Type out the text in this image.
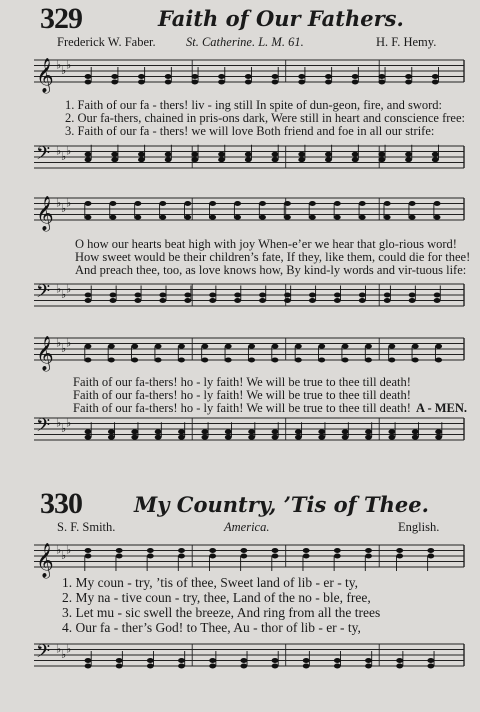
329	Faith of Our Fathers.
Frederick W. Faber. St. Catherine. L. M. 61.	H. F. Hemy.
𝄞 ♭ ♭ ♭
1. Faith of our fa - thers! liv - ing still In spite of dun-geon, fire, and sword:
2. Our fa-thers, chained in pris-ons dark, Were still in heart and conscience free:
3. Faith of our fa - thers! we will love Both friend and foe in all our strife:
𝄢 ♭ ♭ ♭
𝄞 ♭ ♭ ♭
O how our hearts beat high with joy When-e’er we hear that glo-rious word!
How sweet would be their children’s fate, If they, like them, could die for thee!
And preach thee, too, as love knows how, By kind-ly words and vir-tuous life:
𝄢 ♭ ♭ ♭
𝄞 ♭ ♭ ♭
Faith of our fa-thers! ho - ly faith! We will be true to thee till death!
Faith of our fa-thers! ho - ly faith! We will be true to thee till death!
Faith of our fa-thers! ho - ly faith! We will be true to thee till death! A - MEN.
𝄢 ♭ ♭ ♭
330 My Country, ’Tis of Thee.
S. F. Smith.	America.	English.
𝄞 ♭ ♭ ♭
1. My coun - try, ’tis of thee, Sweet land of lib - er - ty,
2. My na - tive coun - try, thee, Land of the no - ble, free,
3. Let mu - sic swell the breeze, And ring from all the trees
4. Our fa - ther’s God! to Thee, Au - thor of lib - er - ty,
𝄢 ♭ ♭ ♭
